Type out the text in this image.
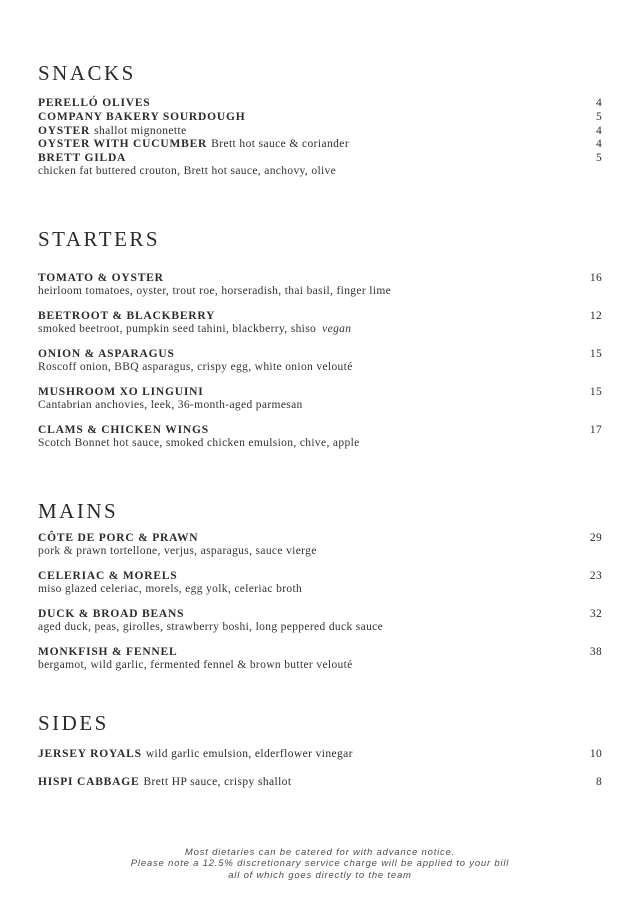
SNACKS
PERELLÓ OLIVES	4
COMPANY BAKERY SOURDOUGH	5
OYSTER shallot mignonette	4
OYSTER WITH CUCUMBER Brett hot sauce & coriander	4
BRETT GILDA	5
chicken fat buttered crouton, Brett hot sauce, anchovy, olive
STARTERS
TOMATO & OYSTER	16
heirloom tomatoes, oyster, trout roe, horseradish, thai basil, finger lime
BEETROOT & BLACKBERRY	12
smoked beetroot, pumpkin seed tahini, blackberry, shiso vegan
ONION & ASPARAGUS	15
Roscoff onion, BBQ asparagus, crispy egg, white onion velouté
MUSHROOM XO LINGUINI	15
Cantabrian anchovies, leek, 36-month-aged parmesan
CLAMS & CHICKEN WINGS	17
Scotch Bonnet hot sauce, smoked chicken emulsion, chive, apple
MAINS
CÔTE DE PORC & PRAWN	29
pork & prawn tortellone, verjus, asparagus, sauce vierge
CELERIAC & MORELS	23
miso glazed celeriac, morels, egg yolk, celeriac broth
DUCK & BROAD BEANS	32
aged duck, peas, girolles, strawberry boshi, long peppered duck sauce
MONKFISH & FENNEL	38
bergamot, wild garlic, fermented fennel & brown butter velouté
SIDES
JERSEY ROYALS wild garlic emulsion, elderflower vinegar	10
HISPI CABBAGE Brett HP sauce, crispy shallot	8
Most dietaries can be catered for with advance notice.
Please note a 12.5% discretionary service charge will be applied to your bill
all of which goes directly to the team
